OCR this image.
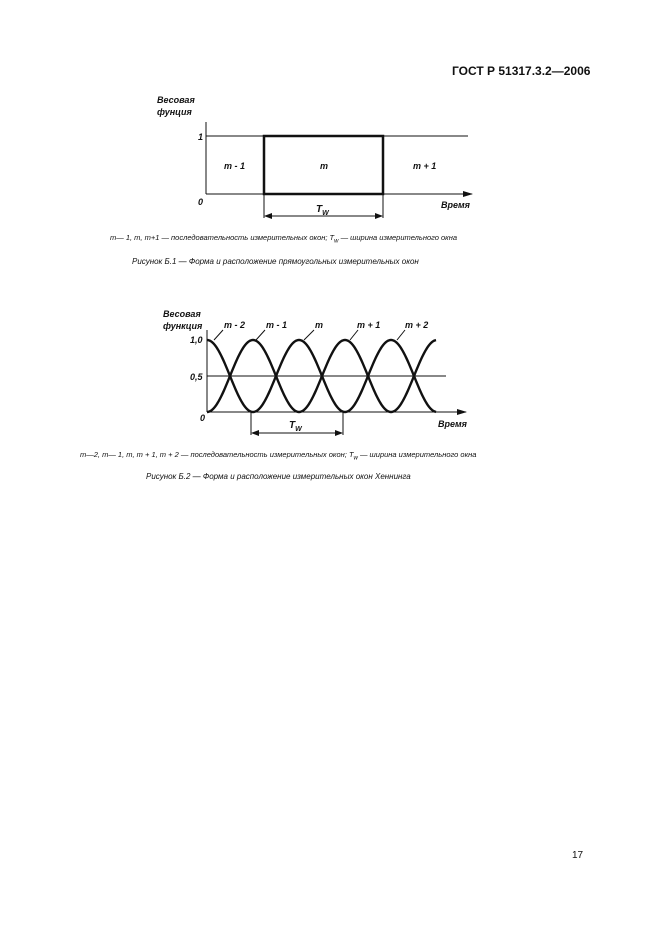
ГОСТ Р 51317.3.2—2006
Весовая
фунция
1
0
m - 1	m	m + 1
Время
$T_W$
m— 1, m, m+1 — последовательность измерительных окон; $T_w$ — ширина измерительного окна
Рисунок Б.1 — Форма и расположение прямоугольных измерительных окон
Весовая
функция
1,0
0,5
0
m - 2 m - 1	m	m + 1	m + 2
Время
$T_W$
m—2, m— 1, m, m + 1, m + 2 — последовательность измерительных окон; $T_w$ — ширина измерительного окна
Рисунок Б.2 — Форма и расположение измерительных окон Хеннинга
17
